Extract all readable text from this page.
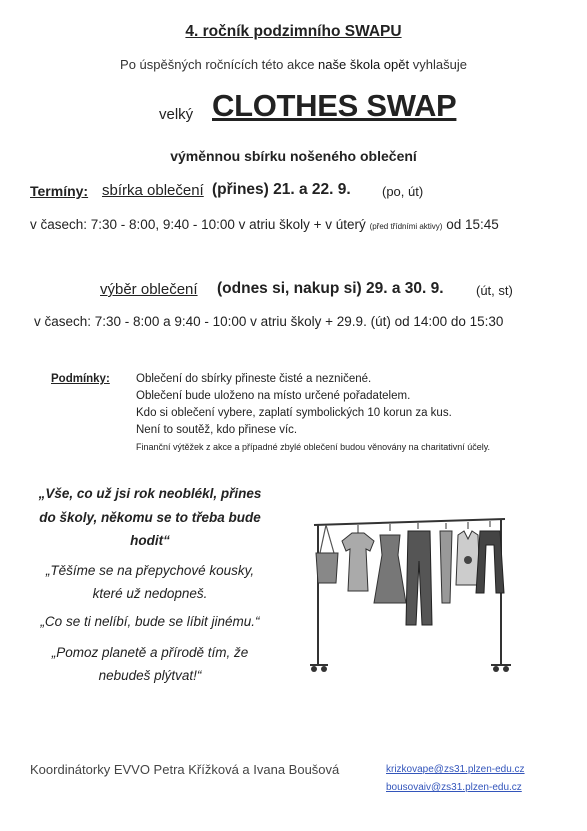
4. ročník podzimního SWAPU
Po úspěšných ročnících této akce naše škola opět vyhlašuje
velký CLOTHES SWAP
výměnnou sbírku nošeného oblečení
Termíny: sbírka oblečení (přines) 21. a 22. 9. (po, út)
v časech: 7:30 - 8:00, 9:40 - 10:00 v atriu školy + v úterý (před třídními aktivy) od 15:45
výběr oblečení (odnes si, nakup si) 29. a 30. 9. (út, st)
v časech: 7:30 - 8:00 a 9:40 - 10:00 v atriu školy + 29.9. (út) od 14:00 do 15:30
Podmínky: Oblečení do sbírky přineste čisté a nezničené.
Oblečení bude uloženo na místo určené pořadatelem.
Kdo si oblečení vybere, zaplatí symbolických 10 korun za kus.
Není to soutěž, kdo přinese víc.
Finanční výtěžek z akce a případné zbylé oblečení budou věnovány na charitativní účely.
„Vše, co už jsi rok neoblékl, přines
do školy, někomu se to třeba bude
hodit“
„Těšíme se na přepychové kousky,
které už nedopneš.
„Co se ti nelíbí, bude se líbit jinému.“
„Pomoz planetě a přírodě tím, že
nebudeš plýtvat!“
Koordinátorky EVVO Petra Křížková a Ivana Boušová	krizkovape@zs31.plzen-edu.cz
bousovaiv@zs31.plzen-edu.cz
